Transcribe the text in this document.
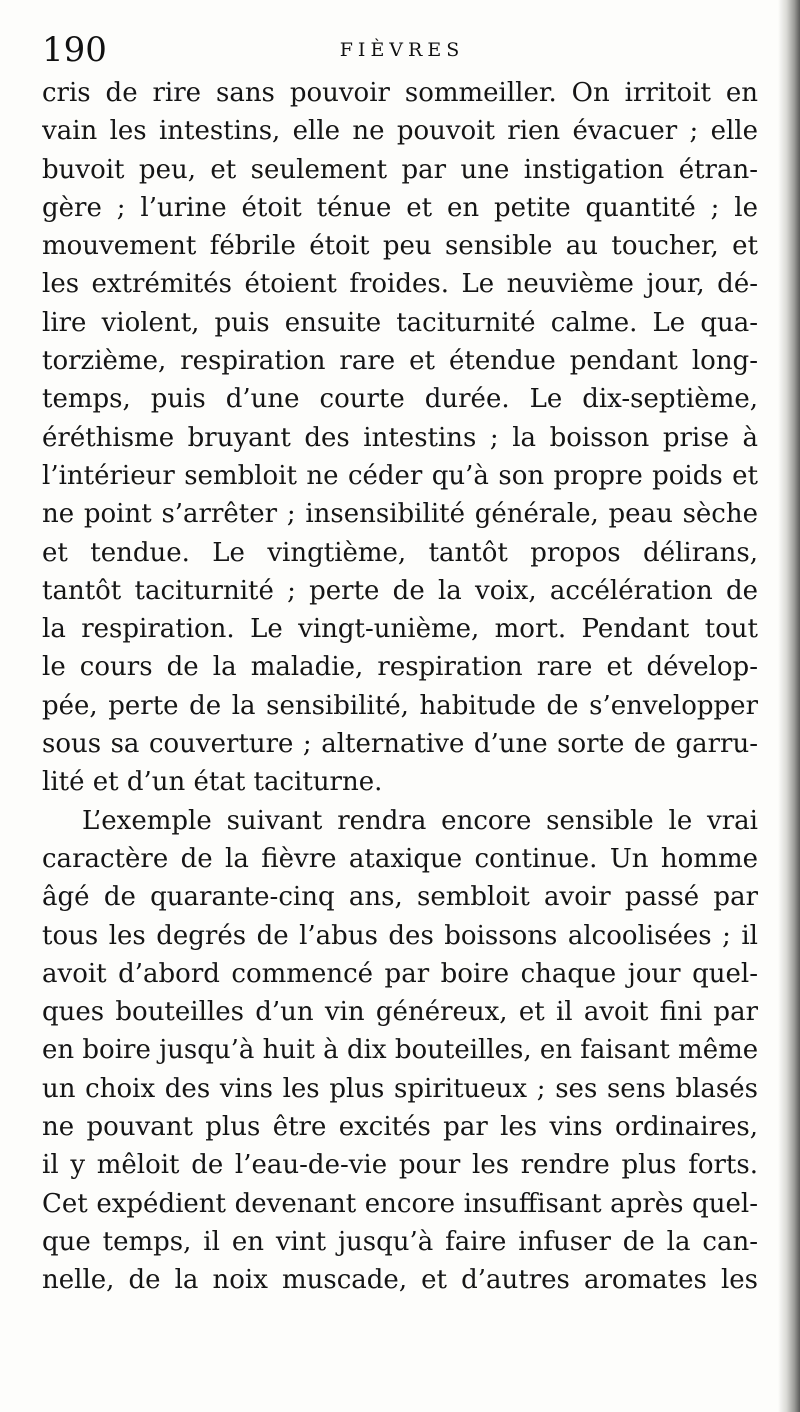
190	FIÈVRES
cris de rire sans pouvoir sommeiller. On irritoit en
vain les intestins, elle ne pouvoit rien évacuer ; elle
buvoit peu, et seulement par une instigation étran-
gère ; l’urine étoit ténue et en petite quantité ; le
mouvement fébrile étoit peu sensible au toucher, et
les extrémités étoient froides. Le neuvième jour, dé-
lire violent, puis ensuite taciturnité calme. Le qua-
torzième, respiration rare et étendue pendant long-
temps, puis d’une courte durée. Le dix-septième,
éréthisme bruyant des intestins ; la boisson prise à
l’intérieur sembloit ne céder qu’à son propre poids et
ne point s’arrêter ; insensibilité générale, peau sèche
et tendue. Le vingtième, tantôt propos délirans,
tantôt taciturnité ; perte de la voix, accélération de
la respiration. Le vingt-unième, mort. Pendant tout
le cours de la maladie, respiration rare et dévelop-
pée, perte de la sensibilité, habitude de s’envelopper
sous sa couverture ; alternative d’une sorte de garru-
lité et d’un état taciturne.
L’exemple suivant rendra encore sensible le vrai
caractère de la fièvre ataxique continue. Un homme
âgé de quarante-cinq ans, sembloit avoir passé par
tous les degrés de l’abus des boissons alcoolisées ; il
avoit d’abord commencé par boire chaque jour quel-
ques bouteilles d’un vin généreux, et il avoit fini par
en boire jusqu’à huit à dix bouteilles, en faisant même
un choix des vins les plus spiritueux ; ses sens blasés
ne pouvant plus être excités par les vins ordinaires,
il y mêloit de l’eau-de-vie pour les rendre plus forts.
Cet expédient devenant encore insuffisant après quel-
que temps, il en vint jusqu’à faire infuser de la can-
nelle, de la noix muscade, et d’autres aromates les
